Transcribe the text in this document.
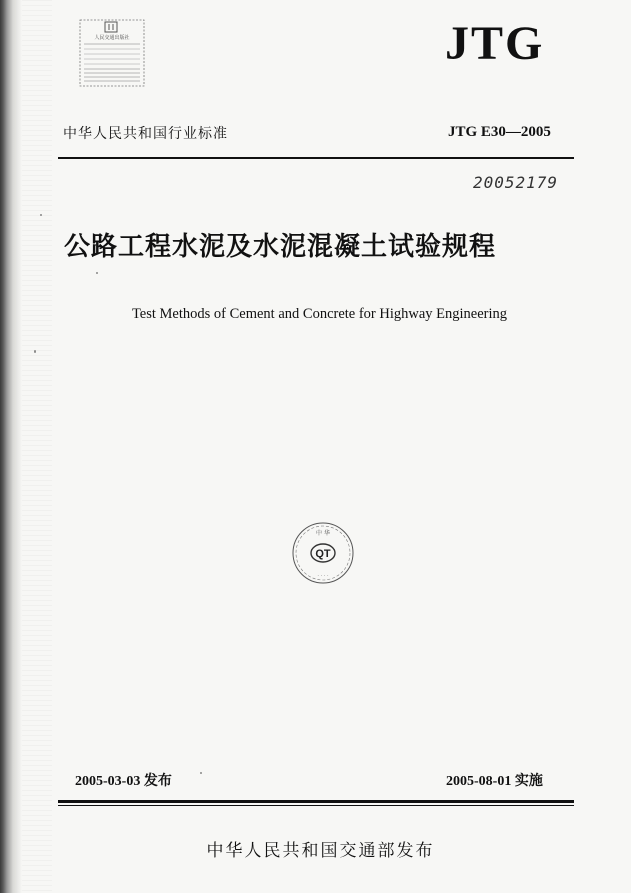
人民交通出版社	JTG
中华人民共和国行业标准	JTG E30—2005
20052179
公路工程水泥及水泥混凝土试验规程
Test Methods of Cement and Concrete for Highway Engineering
QT
中 华
· · · ·
2005-03-03 发布	2005-08-01 实施
中华人民共和国交通部发布
